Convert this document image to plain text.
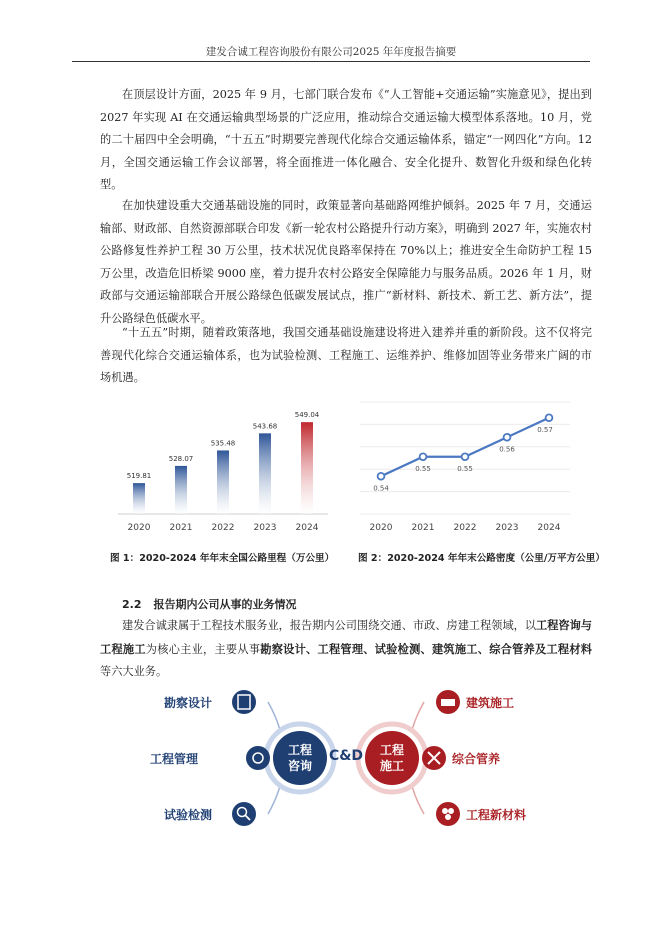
建发合诚工程咨询股份有限公司2025 年年度报告摘要

在顶层设计方面，2025 年 9 月，七部门联合发布《“人工智能+交通运输”实施意见》，提出到 2027 年实现 AI 在交通运输典型场景的广泛应用，推动综合交通运输大模型体系落地。10 月，党的二十届四中全会明确，“十五五”时期要完善现代化综合交通运输体系，锚定“一网四化”方向。12 月，全国交通运输工作会议部署，将全面推进一体化融合、安全化提升、数智化升级和绿色化转型。

在加快建设重大交通基础设施的同时，政策显著向基础路网维护倾斜。2025 年 7 月，交通运输部、财政部、自然资源部联合印发《新一轮农村公路提升行动方案》，明确到 2027 年，实施农村公路修复性养护工程 30 万公里，技术状况优良路率保持在 70%以上；推进安全生命防护工程 15 万公里，改造危旧桥梁 9000 座，着力提升农村公路安全保障能力与服务品质。2026 年 1 月，财政部与交通运输部联合开展公路绿色低碳发展试点，推广“新材料、新技术、新工艺、新方法”，提升公路绿色低碳水平。

“十五五”时期，随着政策落地，我国交通基础设施建设将进入建养并重的新阶段。这不仅将完善现代化综合交通运输体系，也为试验检测、工程施工、运维养护、维修加固等业务带来广阔的市场机遇。

519.81
2020
528.07
2021
535.48
2022
543.68
2023
549.04
2024
图 1：2020-2024 年年末全国公路里程（万公里）
0.54
2020
0.55
2021
0.55
2022
0.56
2023
0.57
2024
图 2：2020-2024 年年末公路密度（公里/万平方公里）
2.2 报告期内公司从事的业务情况

建发合诚隶属于工程技术服务业，报告期内公司围绕交通、市政、房建工程领域，以工程咨询与工程施工为核心主业，主要从事勘察设计、工程管理、试验检测、建筑施工、综合管养及工程材料等六大业务。

工程
咨询
工程
施工
C&D
勘察设计
工程管理
试验检测
建筑施工
综合管养
工程新材料
